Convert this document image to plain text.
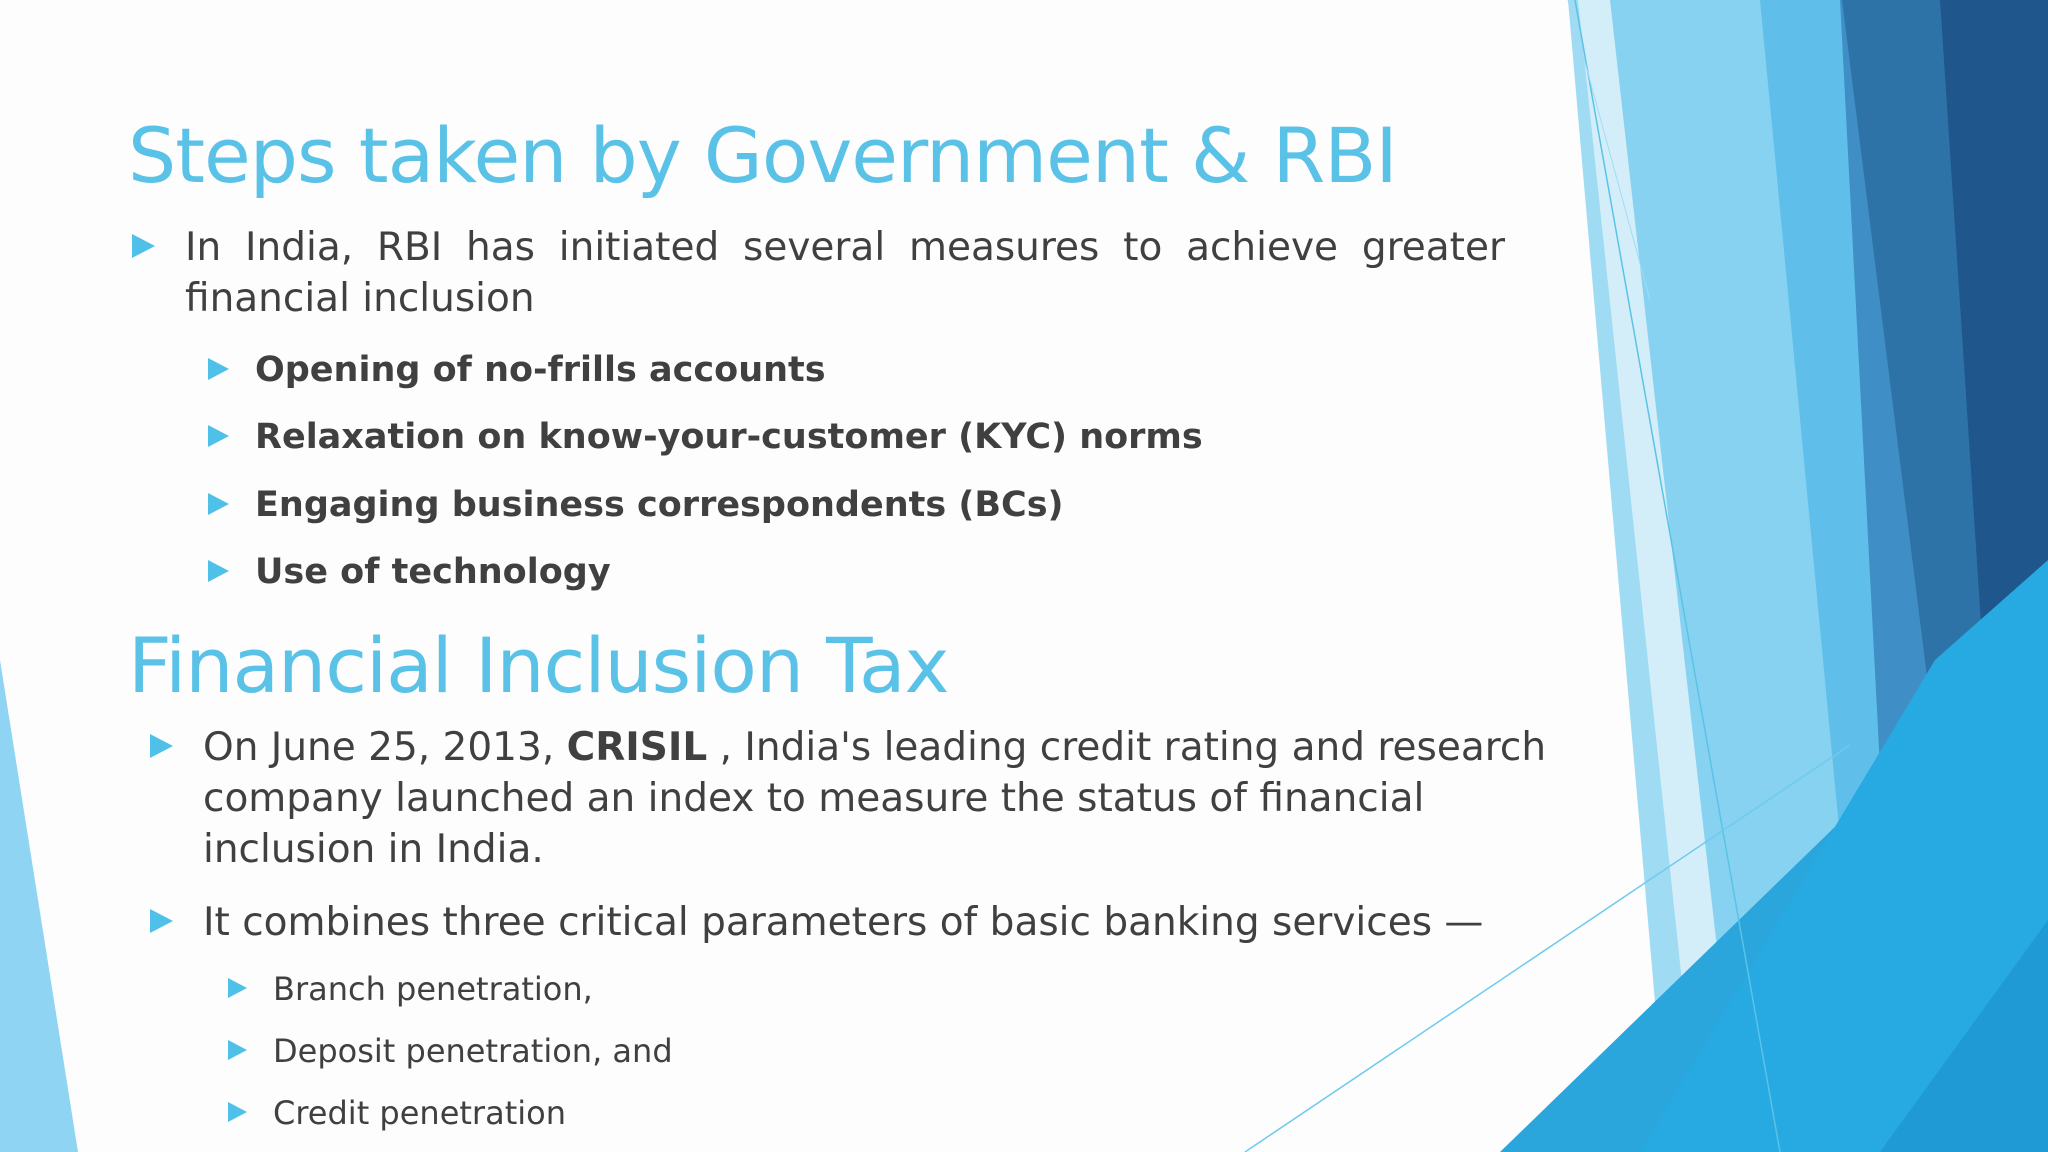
Steps taken by Government & RBI
In India, RBI has initiated several measures to achieve greater financial inclusion
Opening of no-frills accounts
Relaxation on know-your-customer (KYC) norms
Engaging business correspondents (BCs)
Use of technology
Financial Inclusion Tax
On June 25, 2013, CRISIL , India's leading credit rating and research company launched an index to measure the status of financial inclusion in India.
It combines three critical parameters of basic banking services —
Branch penetration,
Deposit penetration, and
Credit penetration
